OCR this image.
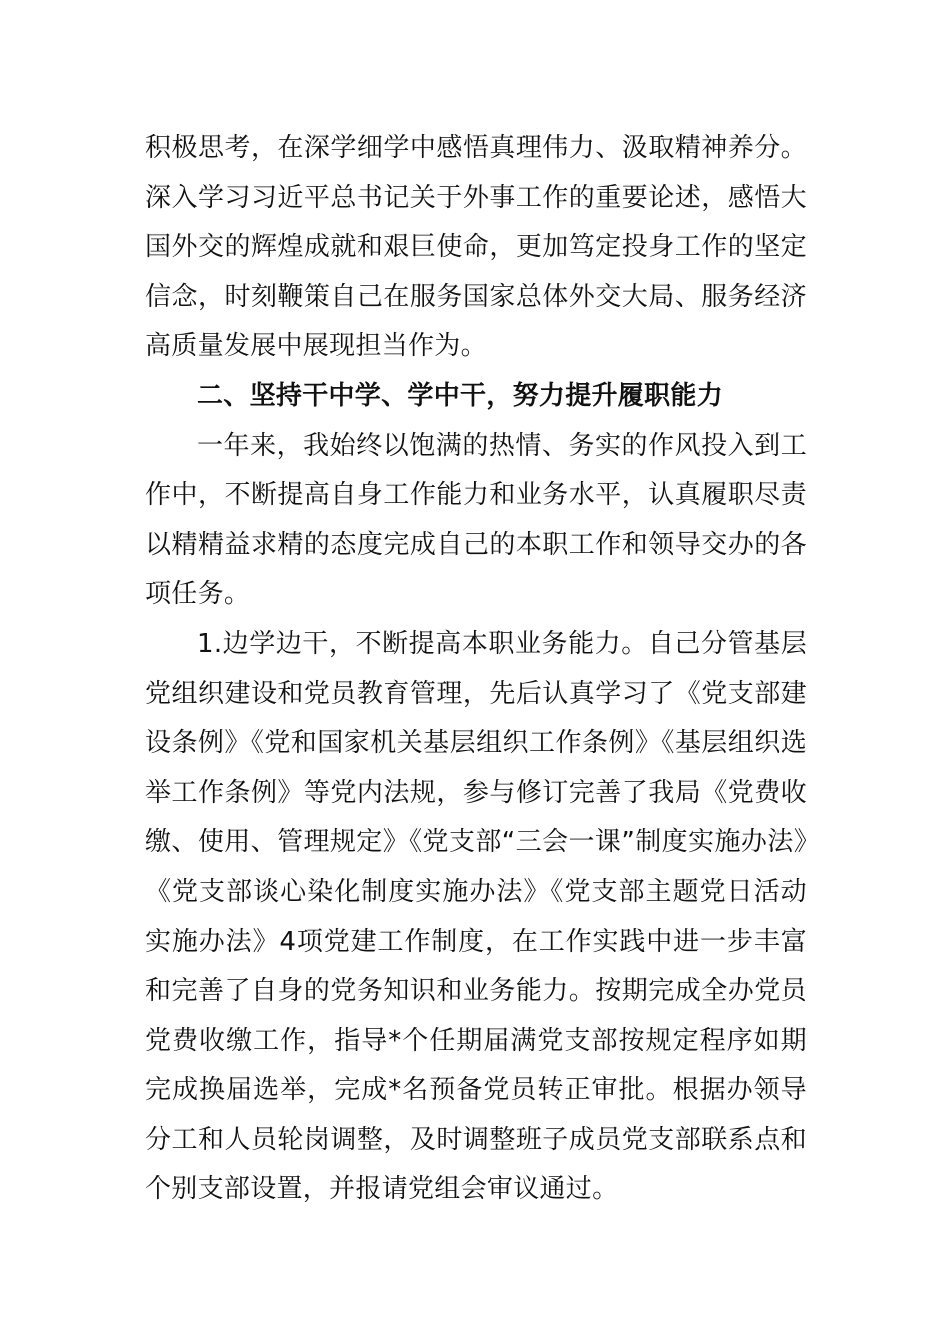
积极思考，在深学细学中感悟真理伟力、汲取精神养分。深入学习习近平总书记关于外事工作的重要论述，感悟大国外交的辉煌成就和艰巨使命，更加笃定投身工作的坚定信念，时刻鞭策自己在服务国家总体外交大局、服务经济高质量发展中展现担当作为。

二、坚持干中学、学中干，努力提升履职能力

一年来，我始终以饱满的热情、务实的作风投入到工作中，不断提高自身工作能力和业务水平，认真履职尽责以精精益求精的态度完成自己的本职工作和领导交办的各项任务。

1.边学边干，不断提高本职业务能力。自己分管基层党组织建设和党员教育管理，先后认真学习了《党支部建设条例》《党和国家机关基层组织工作条例》《基层组织选举工作条例》等党内法规，参与修订完善了我局《党费收缴、使用、管理规定》《党支部“三会一课”制度实施办法》《党支部谈心染化制度实施办法》《党支部主题党日活动实施办法》4项党建工作制度，在工作实践中进一步丰富和完善了自身的党务知识和业务能力。按期完成全办党员党费收缴工作，指导*个任期届满党支部按规定程序如期完成换届选举，完成*名预备党员转正审批。根据办领导分工和人员轮岗调整，及时调整班子成员党支部联系点和个别支部设置，并报请党组会审议通过。
